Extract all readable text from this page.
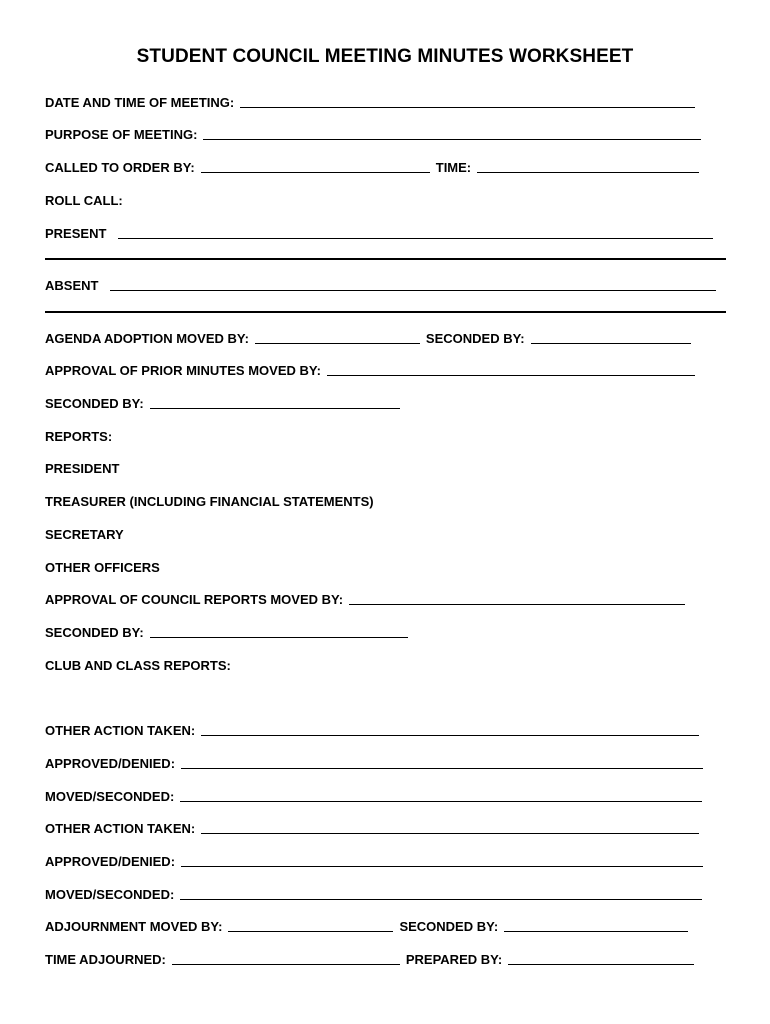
STUDENT COUNCIL MEETING MINUTES WORKSHEET
DATE AND TIME OF MEETING:
PURPOSE OF MEETING:
CALLED TO ORDER BY:	TIME:
ROLL CALL:
PRESENT
ABSENT
AGENDA ADOPTION MOVED BY:	SECONDED BY:
APPROVAL OF PRIOR MINUTES MOVED BY:
SECONDED BY:
REPORTS:
PRESIDENT
TREASURER (INCLUDING FINANCIAL STATEMENTS)
SECRETARY
OTHER OFFICERS
APPROVAL OF COUNCIL REPORTS MOVED BY:
SECONDED BY:
CLUB AND CLASS REPORTS:
OTHER ACTION TAKEN:
APPROVED/DENIED:
MOVED/SECONDED:
OTHER ACTION TAKEN:
APPROVED/DENIED:
MOVED/SECONDED:
ADJOURNMENT MOVED BY:	SECONDED BY:
TIME ADJOURNED:	PREPARED BY:
